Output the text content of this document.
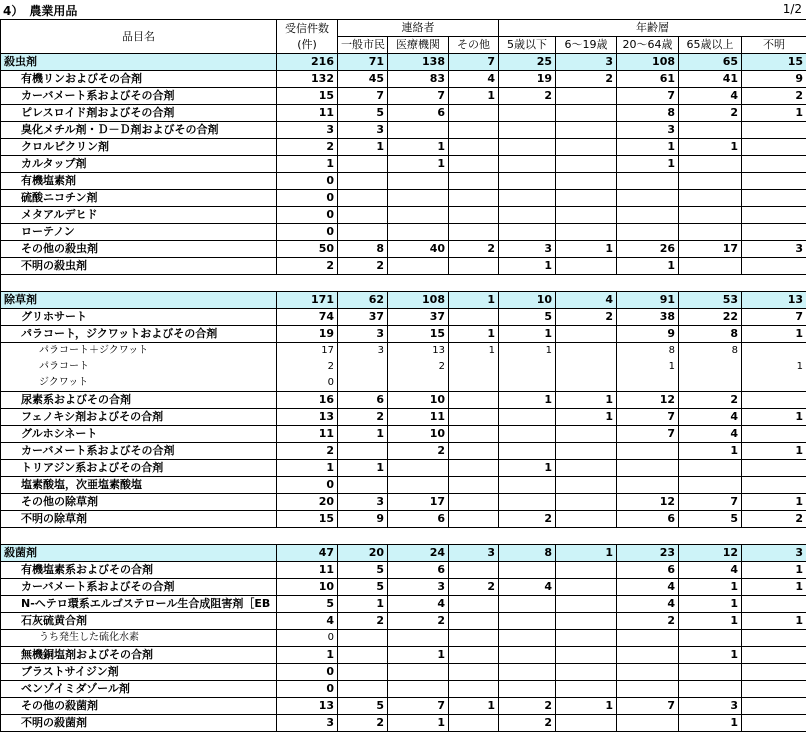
4）　農業用品	1/2
品目名	受信件数
(件)	連絡者			年齢層				
		一般市民	医療機関	その他	5歳以下	6～19歳	20～64歳	65歳以上	不明
殺虫剤	216	71	138	7	25	3	108	65	15
有機リンおよびその合剤	132	45	83	4	19	2	61	41	9
カーバメート系およびその合剤	15	7	7	1	2		7	4	2
ピレスロイド剤およびその合剤	11	5	6				8	2	1
臭化メチル剤・Ｄ－Ｄ剤およびその合剤	3	3					3		
クロルピクリン剤	2	1	1				1	1	
カルタップ剤	1		1				1		
有機塩素剤	0								
硫酸ニコチン剤	0								
メタアルデヒド	0								
ローテノン	0								
その他の殺虫剤	50	8	40	2	3	1	26	17	3
不明の殺虫剤	2	2			1		1		

除草剤	171	62	108	1	10	4	91	53	13
グリホサート	74	37	37		5	2	38	22	7
パラコート，ジクワットおよびその合剤	19	3	15	1	1		9	8	1
パラコート＋ジクワット	17	3	13	1	1		8	8	
パラコート	2		2				1		1
ジクワット	0								
尿素系およびその合剤	16	6	10		1	1	12	2	
フェノキシ剤およびその合剤	13	2	11			1	7	4	1
グルホシネート	11	1	10				7	4	
カーバメート系およびその合剤	2		2					1	1
トリアジン系およびその合剤	1	1			1				
塩素酸塩，次亜塩素酸塩	0								
その他の除草剤	20	3	17				12	7	1
不明の除草剤	15	9	6		2		6	5	2

殺菌剤	47	20	24	3	8	1	23	12	3
有機塩素系およびその合剤	11	5	6				6	4	1
カーバメート系およびその合剤	10	5	3	2	4		4	1	1
N-ヘテロ環系エルゴステロール生合成阻害剤［EB	5	1	4				4	1	
石灰硫黄合剤	4	2	2				2	1	1
うち発生した硫化水素	0								
無機銅塩剤およびその合剤	1		1					1	
ブラストサイジン剤	0								
ベンゾイミダゾール剤	0								
その他の殺菌剤	13	5	7	1	2	1	7	3	
不明の殺菌剤	3	2	1		2			1	
